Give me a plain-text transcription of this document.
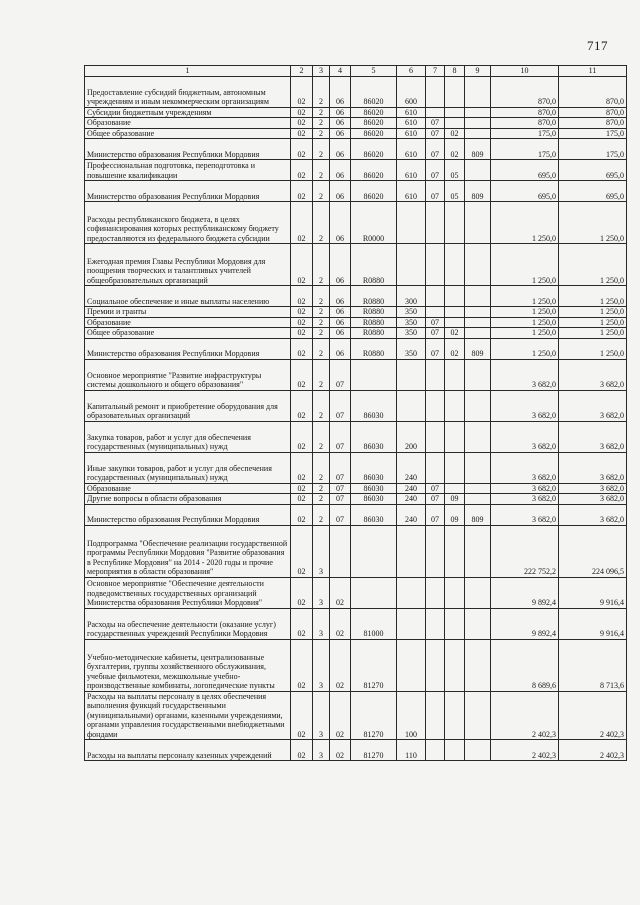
717
1	2	3	4	5	6	7	8	9	10	11
Предоставление субсидий бюджетным, автономным учреждениям и иным некоммерческим организациям	02	2	06	86020	600				870,0	870,0
Субсидии бюджетным учреждениям	02	2	06	86020	610				870,0	870,0
Образование	02	2	06	86020	610	07			870,0	870,0
Общее образование	02	2	06	86020	610	07	02		175,0	175,0
Министерство образования Республики Мордовия	02	2	06	86020	610	07	02	809	175,0	175,0
Профессиональная подготовка, переподготовка и повышение квалификации	02	2	06	86020	610	07	05		695,0	695,0
Министерство образования Республики Мордовия	02	2	06	86020	610	07	05	809	695,0	695,0
Расходы республиканского бюджета, в целях софинансирования которых республиканскому бюджету предоставляются из федерального бюджета субсидии	02	2	06	R0000					1 250,0	1 250,0
Ежегодная премия Главы Республики Мордовия для поощрения творческих и талантливых учителей общеобразовательных организаций	02	2	06	R0880					1 250,0	1 250,0
Социальное обеспечение и иные выплаты населению	02	2	06	R0880	300				1 250,0	1 250,0
Премии и гранты	02	2	06	R0880	350				1 250,0	1 250,0
Образование	02	2	06	R0880	350	07			1 250,0	1 250,0
Общее образование	02	2	06	R0880	350	07	02		1 250,0	1 250,0
Министерство образования Республики Мордовия	02	2	06	R0880	350	07	02	809	1 250,0	1 250,0
Основное мероприятие "Развитие инфраструктуры системы дошкольного и общего образования"	02	2	07						3 682,0	3 682,0
Капитальный ремонт и приобретение оборудования для образовательных организаций	02	2	07	86030					3 682,0	3 682,0
Закупка товаров, работ и услуг для обеспечения государственных (муниципальных) нужд	02	2	07	86030	200				3 682,0	3 682,0
Иные закупки товаров, работ и услуг для обеспечения государственных (муниципальных) нужд	02	2	07	86030	240				3 682,0	3 682,0
Образование	02	2	07	86030	240	07			3 682,0	3 682,0
Другие вопросы в области образования	02	2	07	86030	240	07	09		3 682,0	3 682,0
Министерство образования Республики Мордовия	02	2	07	86030	240	07	09	809	3 682,0	3 682,0
Подпрограмма "Обеспечение реализации государственной программы Республики Мордовия "Развитие образования в Республике Мордовия" на 2014 - 2020 годы и прочие мероприятия в области образования"	02	3							222 752,2	224 096,5
Основное мероприятие "Обеспечение деятельности подведомственных государственных организаций Министерства образования Республики Мордовия"	02	3	02						9 892,4	9 916,4
Расходы на обеспечение деятельности (оказание услуг) государственных учреждений Республики Мордовия	02	3	02	81000					9 892,4	9 916,4
Учебно-методические кабинеты, централизованные бухгалтерии, группы хозяйственного обслуживания, учебные фильмотеки, межшкольные учебно-производственные комбинаты, логопедические пункты	02	3	02	81270					8 689,6	8 713,6
Расходы на выплаты персоналу в целях обеспечения выполнения функций государственными (муниципальными) органами, казенными учреждениями, органами управления государственными внебюджетными фондами	02	3	02	81270	100				2 402,3	2 402,3
Расходы на выплаты персоналу казенных учреждений	02	3	02	81270	110				2 402,3	2 402,3
